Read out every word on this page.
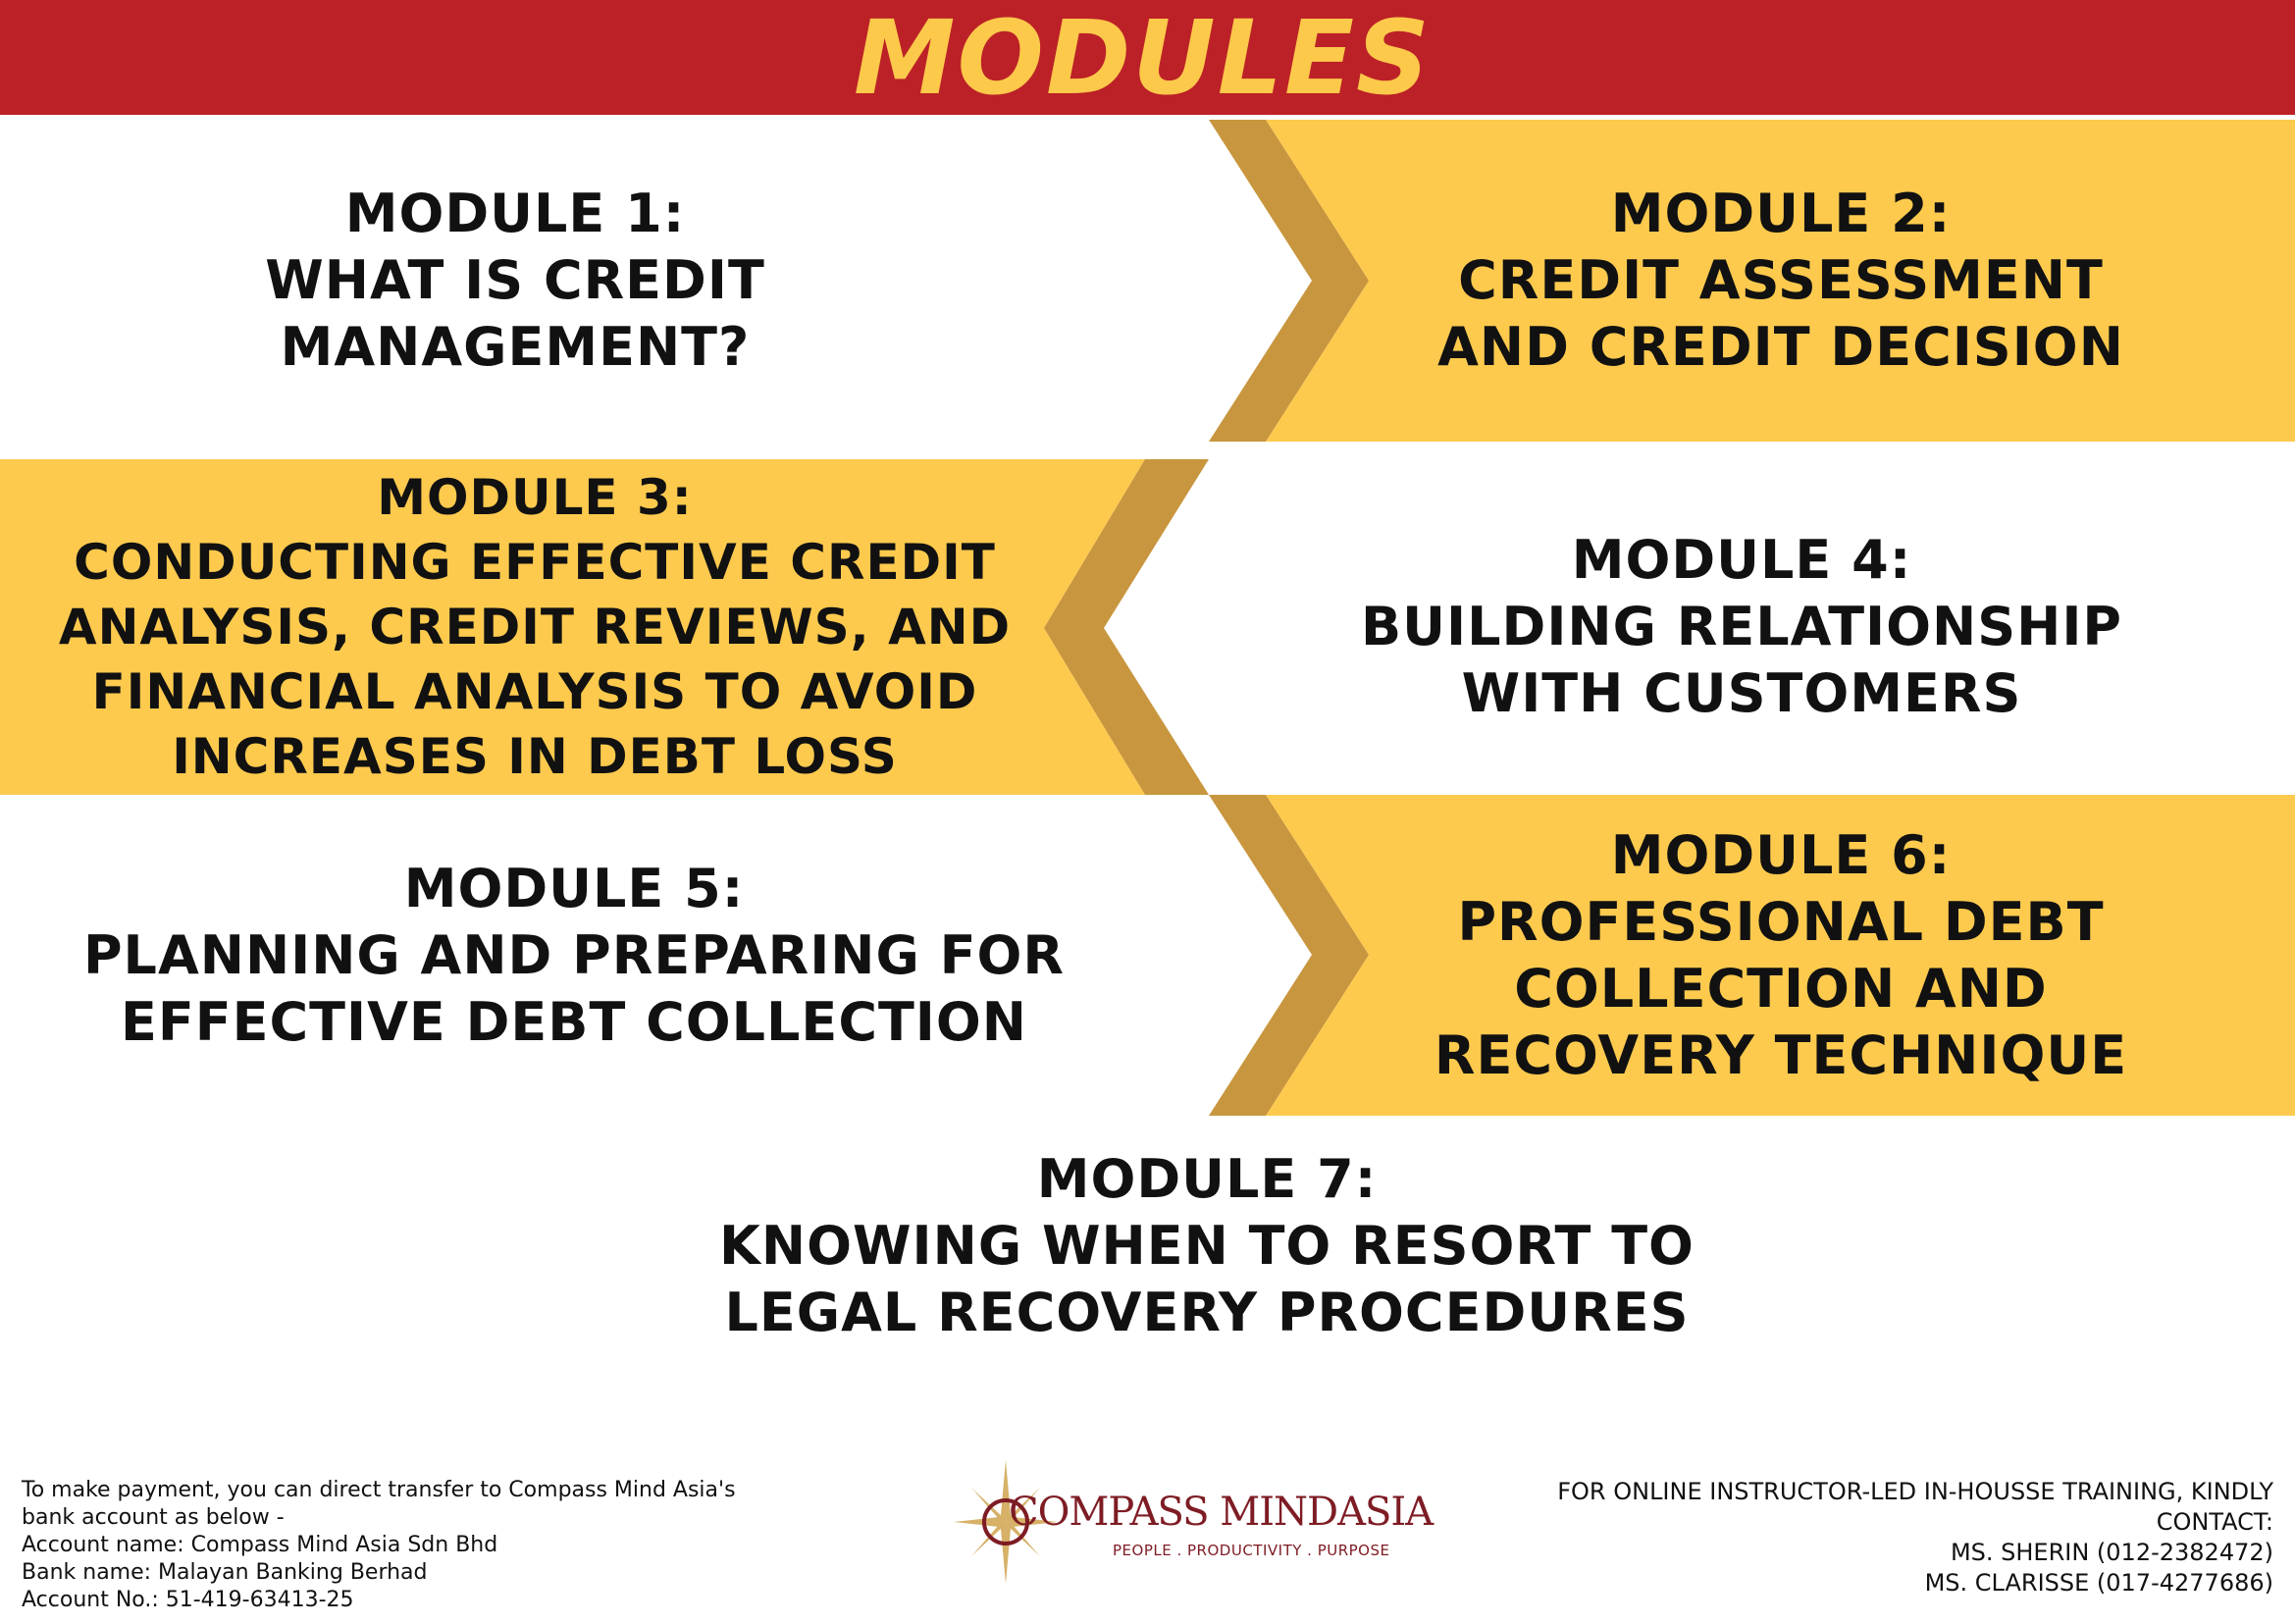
MODULES
MODULE 1:
WHAT IS CREDIT
MANAGEMENT?
MODULE 2:
CREDIT ASSESSMENT
AND CREDIT DECISION
MODULE 3:
CONDUCTING EFFECTIVE CREDIT
ANALYSIS, CREDIT REVIEWS, AND
FINANCIAL ANALYSIS TO AVOID
INCREASES IN DEBT LOSS
MODULE 4:
BUILDING RELATIONSHIP
WITH CUSTOMERS
MODULE 5:
PLANNING AND PREPARING FOR
EFFECTIVE DEBT COLLECTION
MODULE 6:
PROFESSIONAL DEBT
COLLECTION AND
RECOVERY TECHNIQUE
MODULE 7:
KNOWING WHEN TO RESORT TO
LEGAL RECOVERY PROCEDURES
To make payment, you can direct transfer to Compass Mind Asia's
bank account as below -
Account name: Compass Mind Asia Sdn Bhd
Bank name: Malayan Banking Berhad
Account No.: 51-419-63413-25
COMPASS MINDASIA
PEOPLE . PRODUCTIVITY . PURPOSE
FOR ONLINE INSTRUCTOR-LED IN-HOUSSE TRAINING, KINDLY
CONTACT:
MS. SHERIN (012-2382472)
MS. CLARISSE (017-4277686)
